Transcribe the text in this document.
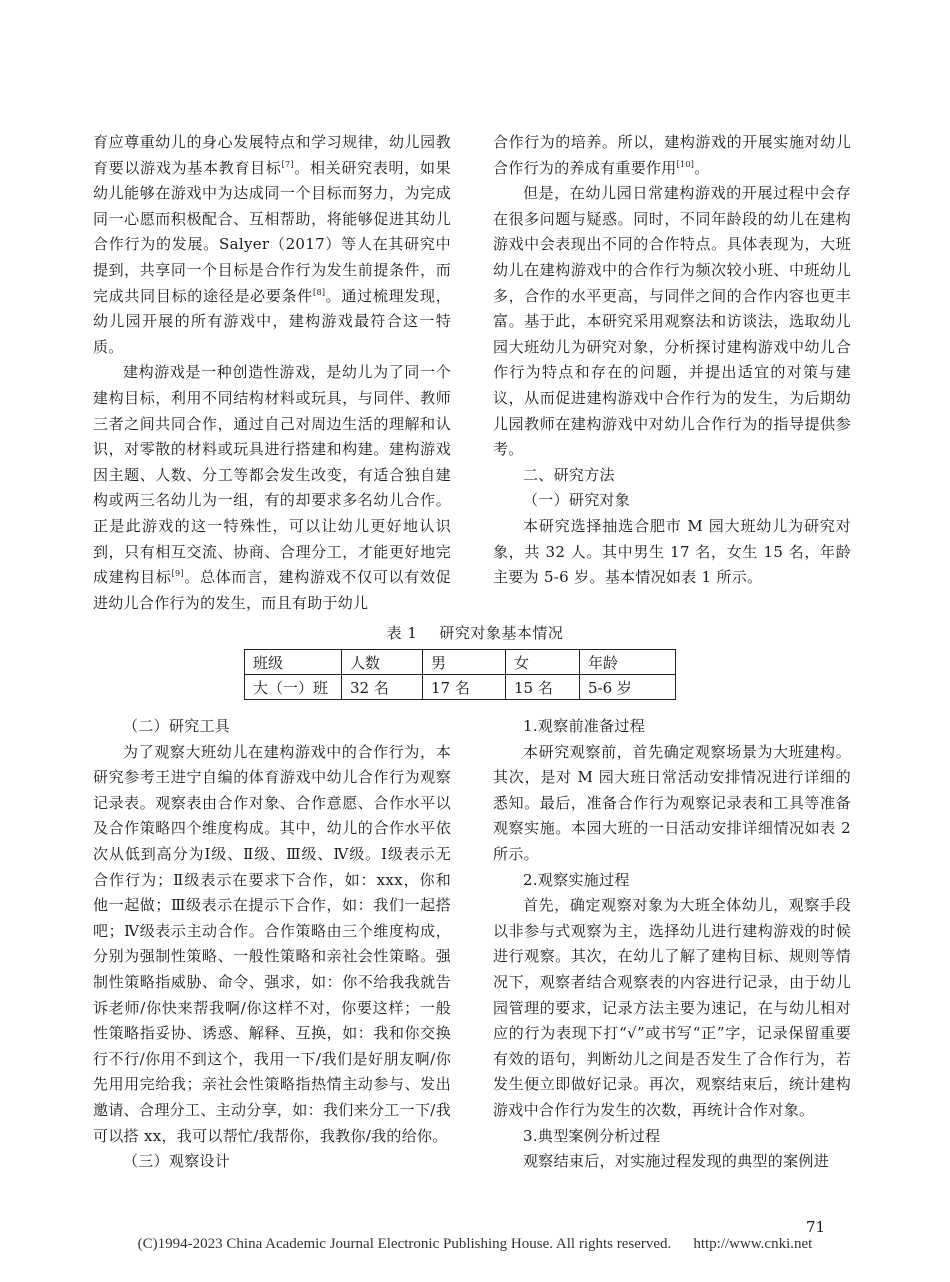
育应尊重幼儿的身心发展特点和学习规律，幼儿园教育要以游戏为基本教育目标[7]。相关研究表明，如果幼儿能够在游戏中为达成同一个目标而努力，为完成同一心愿而积极配合、互相帮助，将能够促进其幼儿合作行为的发展。Salyer（2017）等人在其研究中提到，共享同一个目标是合作行为发生前提条件，而完成共同目标的途径是必要条件[8]。通过梳理发现，幼儿园开展的所有游戏中，建构游戏最符合这一特质。

建构游戏是一种创造性游戏，是幼儿为了同一个建构目标，利用不同结构材料或玩具，与同伴、教师三者之间共同合作，通过自己对周边生活的理解和认识，对零散的材料或玩具进行搭建和构建。建构游戏因主题、人数、分工等都会发生改变，有适合独自建构或两三名幼儿为一组，有的却要求多名幼儿合作。正是此游戏的这一特殊性，可以让幼儿更好地认识到，只有相互交流、协商、合理分工，才能更好地完成建构目标[9]。总体而言，建构游戏不仅可以有效促进幼儿合作行为的发生，而且有助于幼儿

合作行为的培养。所以，建构游戏的开展实施对幼儿合作行为的养成有重要作用[10]。

但是，在幼儿园日常建构游戏的开展过程中会存在很多问题与疑惑。同时，不同年龄段的幼儿在建构游戏中会表现出不同的合作特点。具体表现为，大班幼儿在建构游戏中的合作行为频次较小班、中班幼儿多，合作的水平更高，与同伴之间的合作内容也更丰富。基于此，本研究采用观察法和访谈法，选取幼儿园大班幼儿为研究对象，分析探讨建构游戏中幼儿合作行为特点和存在的问题，并提出适宜的对策与建议，从而促进建构游戏中合作行为的发生，为后期幼儿园教师在建构游戏中对幼儿合作行为的指导提供参考。

二、研究方法

（一）研究对象

本研究选择抽选合肥市 M 园大班幼儿为研究对象，共 32 人。其中男生 17 名，女生 15 名，年龄主要为 5-6 岁。基本情况如表 1 所示。

表 1 研究对象基本情况
班级	人数	男	女	年龄
大（一）班	32 名	17 名	15 名	5-6 岁

（二）研究工具

为了观察大班幼儿在建构游戏中的合作行为，本研究参考王进宁自编的体育游戏中幼儿合作行为观察记录表。观察表由合作对象、合作意愿、合作水平以及合作策略四个维度构成。其中，幼儿的合作水平依次从低到高分为Ⅰ级、Ⅱ级、Ⅲ级、Ⅳ级。Ⅰ级表示无合作行为；Ⅱ级表示在要求下合作，如：xxx，你和他一起做；Ⅲ级表示在提示下合作，如：我们一起搭吧；Ⅳ级表示主动合作。合作策略由三个维度构成，分别为强制性策略、一般性策略和亲社会性策略。强制性策略指威胁、命令、强求，如：你不给我我就告诉老师/你快来帮我啊/你这样不对，你要这样；一般性策略指妥协、诱惑、解释、互换，如：我和你交换行不行/你用不到这个，我用一下/我们是好朋友啊/你先用用完给我；亲社会性策略指热情主动参与、发出邀请、合理分工、主动分享，如：我们来分工一下/我可以搭 xx，我可以帮忙/我帮你，我教你/我的给你。

（三）观察设计

1.观察前准备过程

本研究观察前，首先确定观察场景为大班建构。其次，是对 M 园大班日常活动安排情况进行详细的悉知。最后，准备合作行为观察记录表和工具等准备观察实施。本园大班的一日活动安排详细情况如表 2 所示。

2.观察实施过程

首先，确定观察对象为大班全体幼儿，观察手段以非参与式观察为主，选择幼儿进行建构游戏的时候进行观察。其次，在幼儿了解了建构目标、规则等情况下，观察者结合观察表的内容进行记录，由于幼儿园管理的要求，记录方法主要为速记，在与幼儿相对应的行为表现下打“√”或书写“正”字，记录保留重要有效的语句，判断幼儿之间是否发生了合作行为，若发生便立即做好记录。再次，观察结束后，统计建构游戏中合作行为发生的次数，再统计合作对象。

3.典型案例分析过程

观察结束后，对实施过程发现的典型的案例进

71
(C)1994-2023 China Academic Journal Electronic Publishing House. All rights reserved. http://www.cnki.net
